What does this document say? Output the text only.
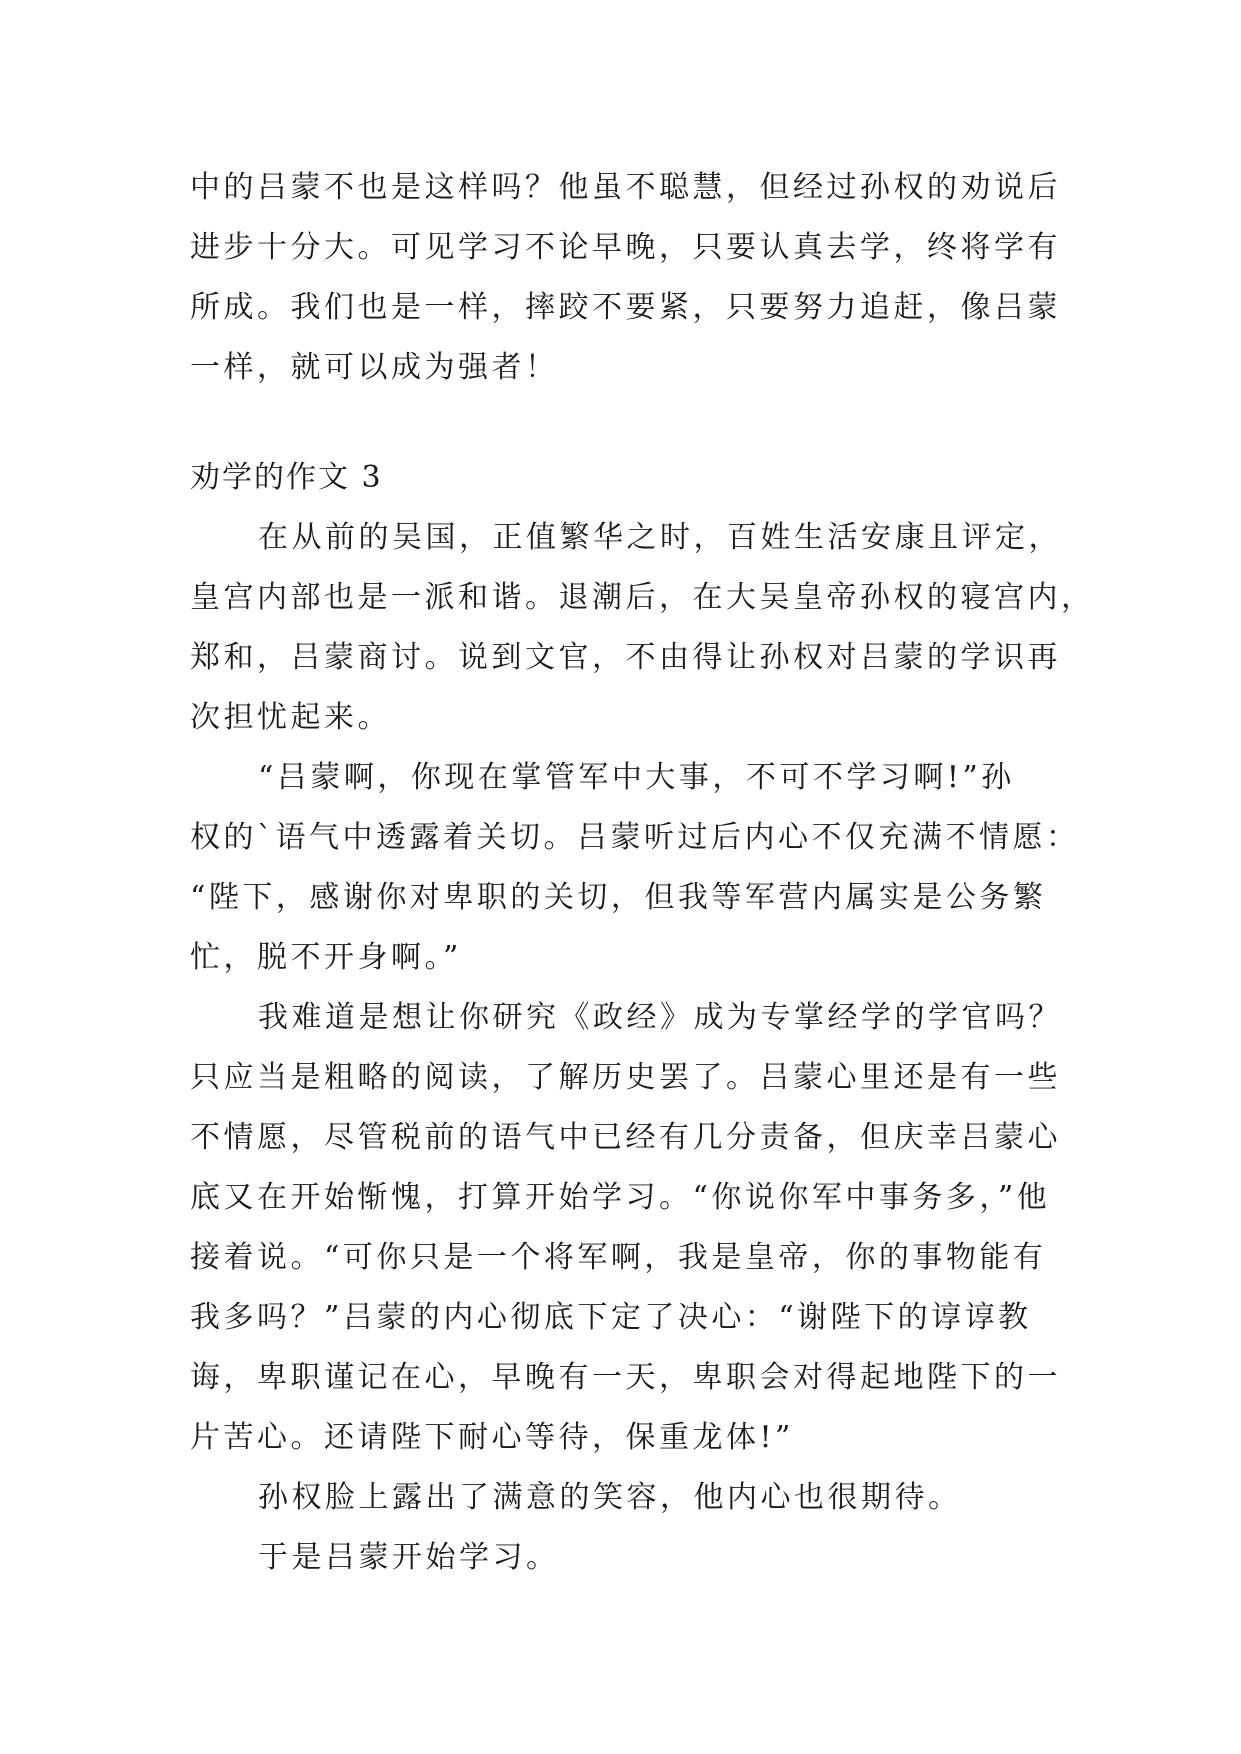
中的吕蒙不也是这样吗？他虽不聪慧，但经过孙权的劝说后
进步十分大。可见学习不论早晚，只要认真去学，终将学有
所成。我们也是一样，摔跤不要紧，只要努力追赶，像吕蒙
一样，就可以成为强者！
劝学的作文 3
在从前的吴国，正值繁华之时，百姓生活安康且评定，
皇宫内部也是一派和谐。退潮后，在大吴皇帝孙权的寝宫内，
郑和，吕蒙商讨。说到文官，不由得让孙权对吕蒙的学识再
次担忧起来。
“吕蒙啊，你现在掌管军中大事，不可不学习啊!”孙
权的`语气中透露着关切。吕蒙听过后内心不仅充满不情愿：
“陛下，感谢你对卑职的关切，但我等军营内属实是公务繁
忙，脱不开身啊。”
我难道是想让你研究《政经》成为专掌经学的学官吗？
只应当是粗略的阅读，了解历史罢了。吕蒙心里还是有一些
不情愿，尽管税前的语气中已经有几分责备，但庆幸吕蒙心
底又在开始惭愧，打算开始学习。“你说你军中事务多，”他
接着说。“可你只是一个将军啊，我是皇帝，你的事物能有
我多吗？”吕蒙的内心彻底下定了决心：“谢陛下的谆谆教
诲，卑职谨记在心，早晚有一天，卑职会对得起地陛下的一
片苦心。还请陛下耐心等待，保重龙体!”
孙权脸上露出了满意的笑容，他内心也很期待。
于是吕蒙开始学习。
